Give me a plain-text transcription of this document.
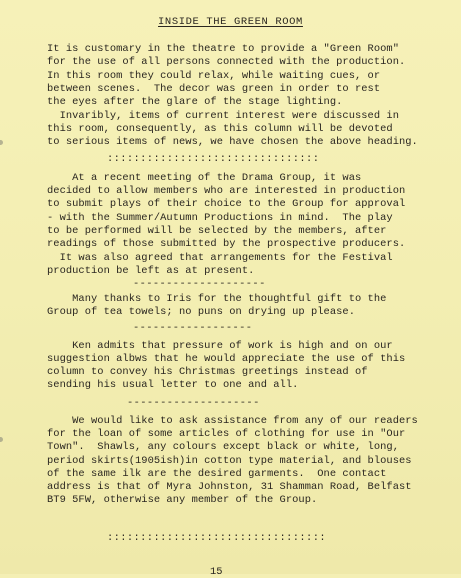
INSIDE THE GREEN ROOM
It is customary in the theatre to provide a "Green Room"
for the use of all persons connected with the production.
In this room they could relax, while waiting cues, or
between scenes.  The decor was green in order to rest
the eyes after the glare of the stage lighting.
Invaribly, items of current interest were discussed in
this room, consequently, as this column will be devoted
to serious items of news, we have chosen the above heading.
::::::::::::::::::::::::::::::::
At a recent meeting of the Drama Group, it was
decided to allow members who are interested in production
to submit plays of their choice to the Group for approval
- with the Summer/Autumn Productions in mind.  The play
to be performed will be selected by the members, after
readings of those submitted by the prospective producers.
It was also agreed that arrangements for the Festival
production be left as at present.
--------------------
Many thanks to Iris for the thoughtful gift to the
Group of tea towels; no puns on drying up please.
------------------
Ken admits that pressure of work is high and on our
suggestion albws that he would appreciate the use of this
column to convey his Christmas greetings instead of
sending his usual letter to one and all.
--------------------
We would like to ask assistance from any of our readers
for the loan of some articles of clothing for use in "Our
Town".  Shawls, any colours except black or white, long,
period skirts(1905ish)in cotton type material, and blouses
of the same ilk are the desired garments.  One contact
address is that of Myra Johnston, 31 Shamman Road, Belfast
BT9 5FW, otherwise any member of the Group.
:::::::::::::::::::::::::::::::::
15
